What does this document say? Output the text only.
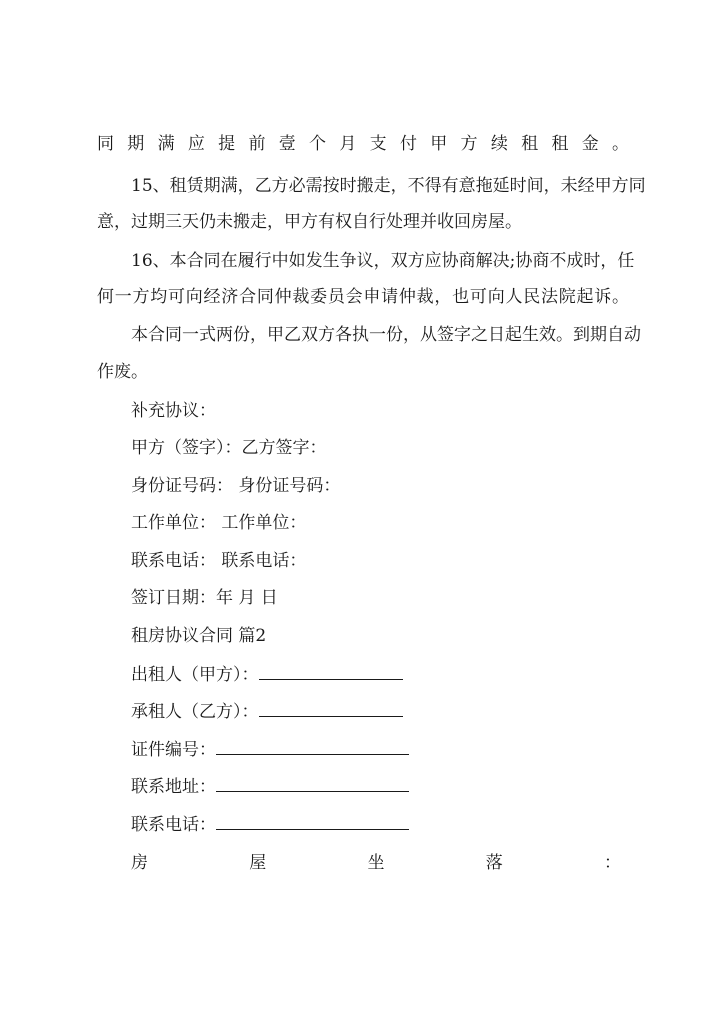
同期满应提前壹个月支付甲方续租租金。
15、租赁期满，乙方必需按时搬走，不得有意拖延时间，未经甲方同
意，过期三天仍未搬走，甲方有权自行处理并收回房屋。
16、本合同在履行中如发生争议，双方应协商解决;协商不成时，任
何一方均可向经济合同仲裁委员会申请仲裁，也可向人民法院起诉。
本合同一式两份，甲乙双方各执一份，从签字之日起生效。到期自动
作废。
补充协议：
甲方（签字）：乙方签字：
身份证号码： 身份证号码：
工作单位： 工作单位：
联系电话： 联系电话：
签订日期：年 月 日
租房协议合同 篇2
出租人（甲方）：
承租人（乙方）：
证件编号：
联系地址：
联系电话：
房	屋	坐	落	：
